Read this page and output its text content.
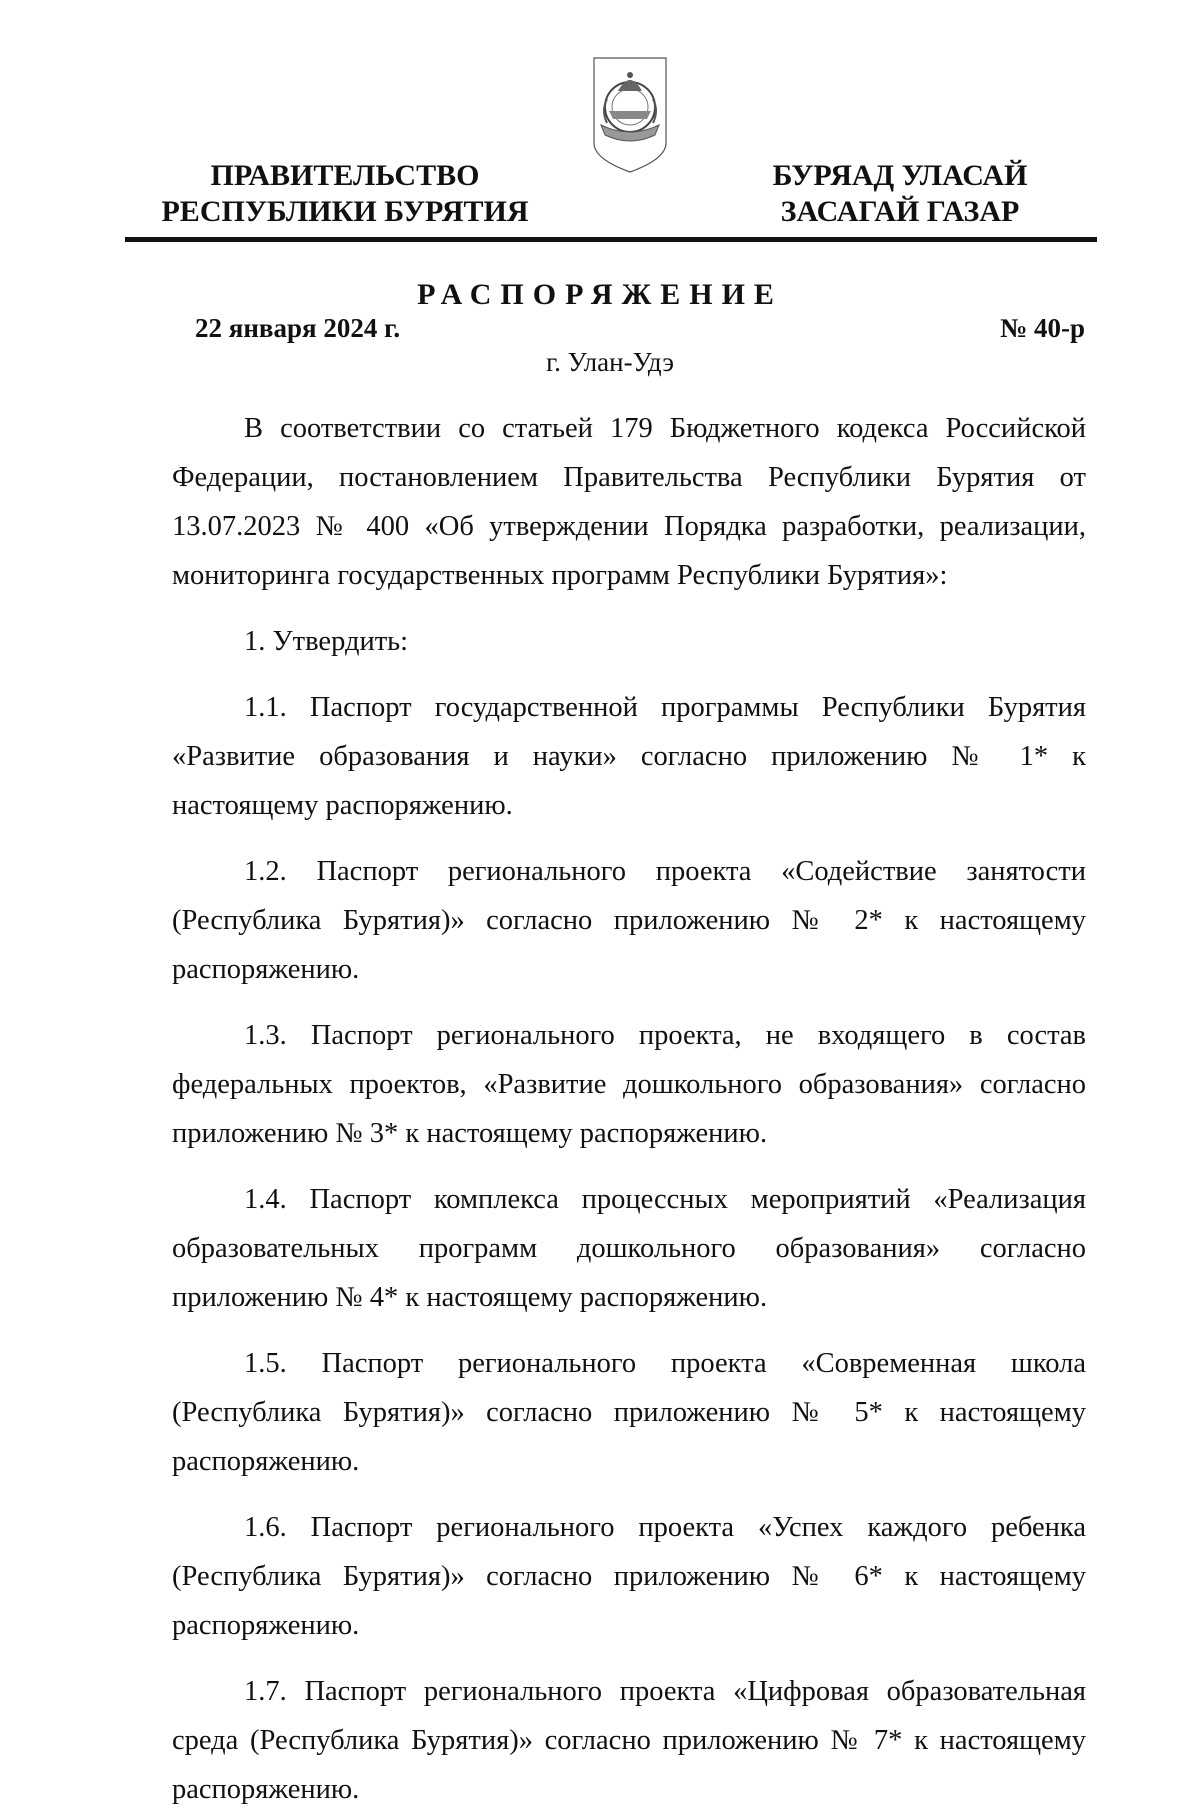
ПРАВИТЕЛЬСТВО
РЕСПУБЛИКИ БУРЯТИЯ
БУРЯАД УЛАСАЙ
ЗАСАГАЙ ГАЗАР
РАСПОРЯЖЕНИЕ
22 января 2024 г.	№ 40-р
г. Улан-Удэ

В соответствии со статьей 179 Бюджетного кодекса Российской Федерации, постановлением Правительства Республики Бурятия от 13.07.2023 № 400 «Об утверждении Порядка разработки, реализации, мониторинга государственных программ Республики Бурятия»:

1. Утвердить:

1.1. Паспорт государственной программы Республики Бурятия «Развитие образования и науки» согласно приложению № 1* к настоящему распоряжению.

1.2. Паспорт регионального проекта «Содействие занятости (Республика Бурятия)» согласно приложению № 2* к настоящему распоряжению.

1.3. Паспорт регионального проекта, не входящего в состав федеральных проектов, «Развитие дошкольного образования» согласно приложению № 3* к настоящему распоряжению.

1.4. Паспорт комплекса процессных мероприятий «Реализация образовательных программ дошкольного образования» согласно приложению № 4* к настоящему распоряжению.

1.5. Паспорт регионального проекта «Современная школа (Республика Бурятия)» согласно приложению № 5* к настоящему распоряжению.

1.6. Паспорт регионального проекта «Успех каждого ребенка (Республика Бурятия)» согласно приложению № 6* к настоящему распоряжению.

1.7. Паспорт регионального проекта «Цифровая образовательная среда (Республика Бурятия)» согласно приложению № 7* к настоящему распоряжению.
